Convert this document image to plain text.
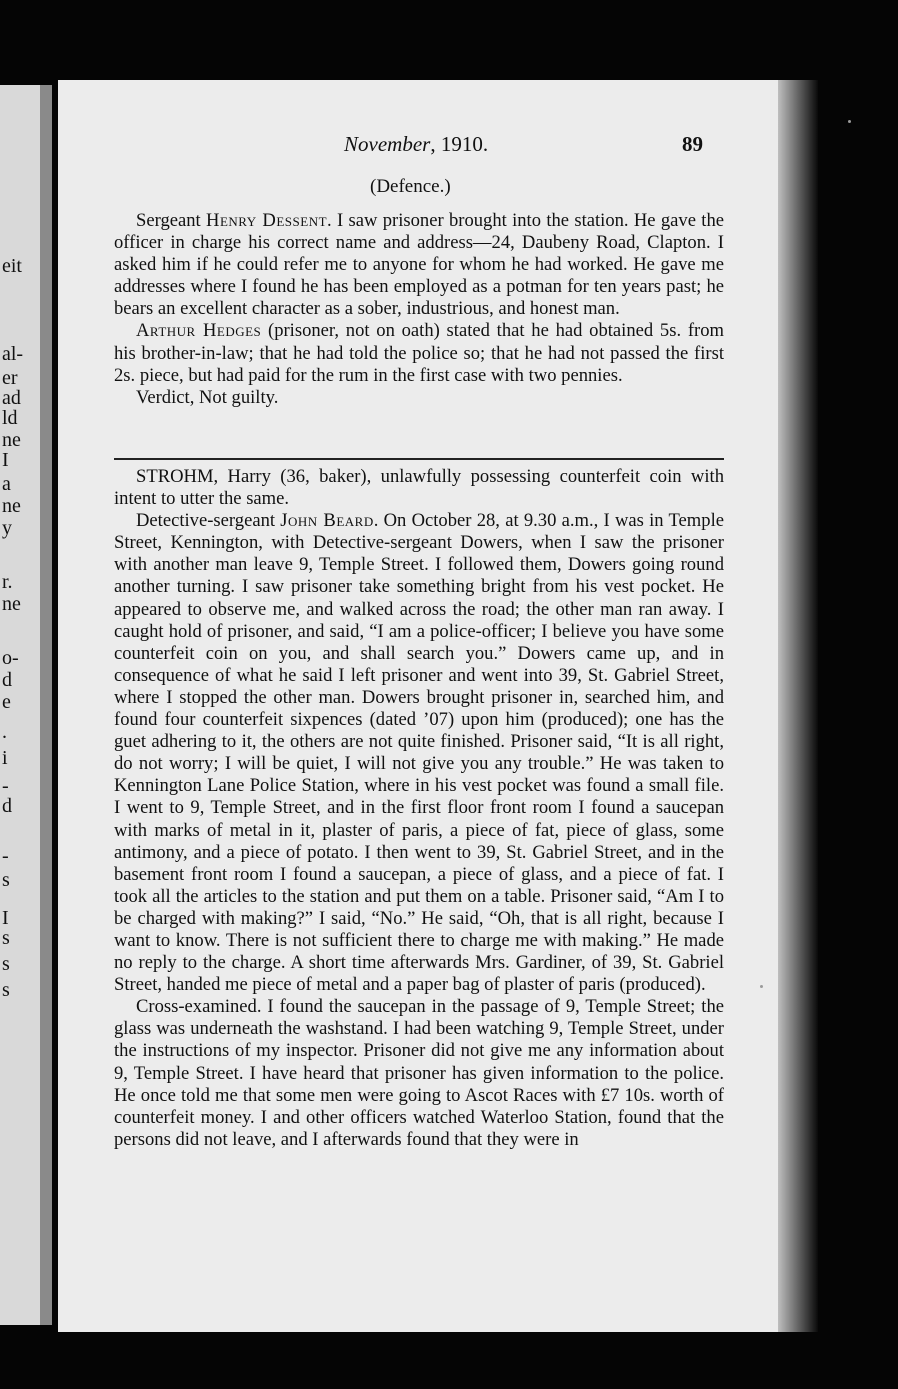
eit
al-
er
ad
ld
ne
I
a
ne
y
r.
ne
o-
d
e
.
i
-
d
-
s
I
s
s
s
November, 1910.	89
(Defence.)

Sergeant Henry Dessent. I saw prisoner brought into the station. He gave the officer in charge his correct name and address—24, Daubeny Road, Clapton. I asked him if he could refer me to anyone for whom he had worked. He gave me addresses where I found he has been employed as a potman for ten years past; he bears an excellent character as a sober, industrious, and honest man.

Arthur Hedges (prisoner, not on oath) stated that he had obtained 5s. from his brother-in-law; that he had told the police so; that he had not passed the first 2s. piece, but had paid for the rum in the first case with two pennies.

Verdict, Not guilty.

STROHM, Harry (36, baker), unlawfully possessing counterfeit coin with intent to utter the same.

Detective-sergeant John Beard. On October 28, at 9.30 a.m., I was in Temple Street, Kennington, with Detective-sergeant Dowers, when I saw the prisoner with another man leave 9, Temple Street. I followed them, Dowers going round another turning. I saw prisoner take something bright from his vest pocket. He appeared to observe me, and walked across the road; the other man ran away. I caught hold of prisoner, and said, “I am a police-officer; I believe you have some counterfeit coin on you, and shall search you.” Dowers came up, and in consequence of what he said I left prisoner and went into 39, St. Gabriel Street, where I stopped the other man. Dowers brought prisoner in, searched him, and found four counterfeit sixpences (dated ’07) upon him (produced); one has the guet adhering to it, the others are not quite finished. Prisoner said, “It is all right, do not worry; I will be quiet, I will not give you any trouble.” He was taken to Kennington Lane Police Station, where in his vest pocket was found a small file. I went to 9, Temple Street, and in the first floor front room I found a saucepan with marks of metal in it, plaster of paris, a piece of fat, piece of glass, some antimony, and a piece of potato. I then went to 39, St. Gabriel Street, and in the basement front room I found a saucepan, a piece of glass, and a piece of fat. I took all the articles to the station and put them on a table. Prisoner said, “Am I to be charged with making?” I said, “No.” He said, “Oh, that is all right, because I want to know. There is not sufficient there to charge me with making.” He made no reply to the charge. A short time afterwards Mrs. Gardiner, of 39, St. Gabriel Street, handed me piece of metal and a paper bag of plaster of paris (produced).

Cross-examined. I found the saucepan in the passage of 9, Temple Street; the glass was underneath the washstand. I had been watching 9, Temple Street, under the instructions of my inspector. Prisoner did not give me any information about 9, Temple Street. I have heard that prisoner has given information to the police. He once told me that some men were going to Ascot Races with £7 10s. worth of counterfeit money. I and other officers watched Waterloo Station, found that the persons did not leave, and I afterwards found that they were in
